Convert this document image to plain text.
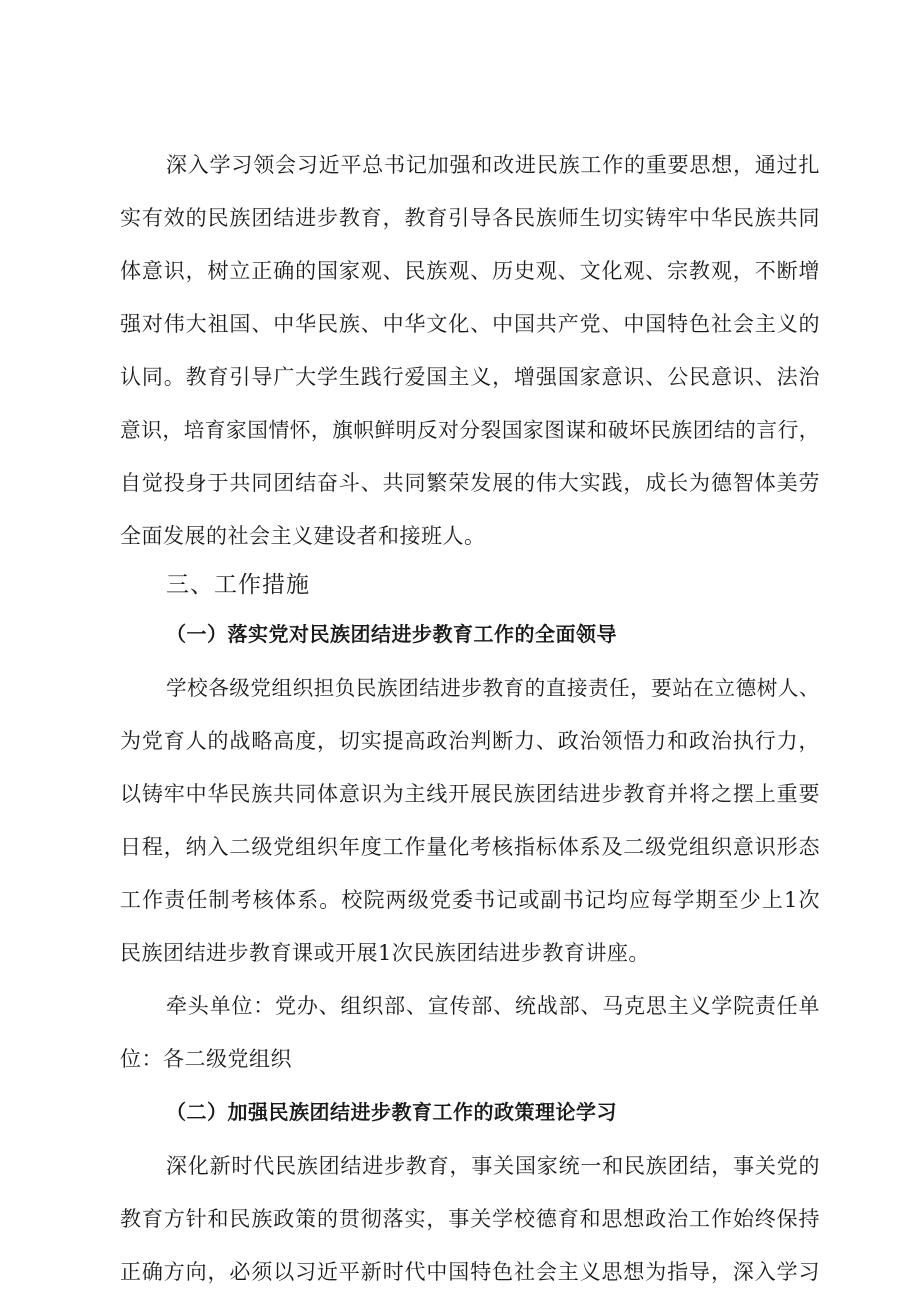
深入学习领会习近平总书记加强和改进民族工作的重要思想，通过扎
实有效的民族团结进步教育，教育引导各民族师生切实铸牢中华民族共同
体意识，树立正确的国家观、民族观、历史观、文化观、宗教观，不断增
强对伟大祖国、中华民族、中华文化、中国共产党、中国特色社会主义的
认同。教育引导广大学生践行爱国主义，增强国家意识、公民意识、法治
意识，培育家国情怀，旗帜鲜明反对分裂国家图谋和破坏民族团结的言行，
自觉投身于共同团结奋斗、共同繁荣发展的伟大实践，成长为德智体美劳
全面发展的社会主义建设者和接班人。
三、工作措施
（一）落实党对民族团结进步教育工作的全面领导
学校各级党组织担负民族团结进步教育的直接责任，要站在立德树人、
为党育人的战略高度，切实提高政治判断力、政治领悟力和政治执行力，
以铸牢中华民族共同体意识为主线开展民族团结进步教育并将之摆上重要
日程，纳入二级党组织年度工作量化考核指标体系及二级党组织意识形态
工作责任制考核体系。校院两级党委书记或副书记均应每学期至少上1次
民族团结进步教育课或开展1次民族团结进步教育讲座。
牵头单位：党办、组织部、宣传部、统战部、马克思主义学院责任单
位：各二级党组织
（二）加强民族团结进步教育工作的政策理论学习
深化新时代民族团结进步教育，事关国家统一和民族团结，事关党的
教育方针和民族政策的贯彻落实，事关学校德育和思想政治工作始终保持
正确方向，必须以习近平新时代中国特色社会主义思想为指导，深入学习
